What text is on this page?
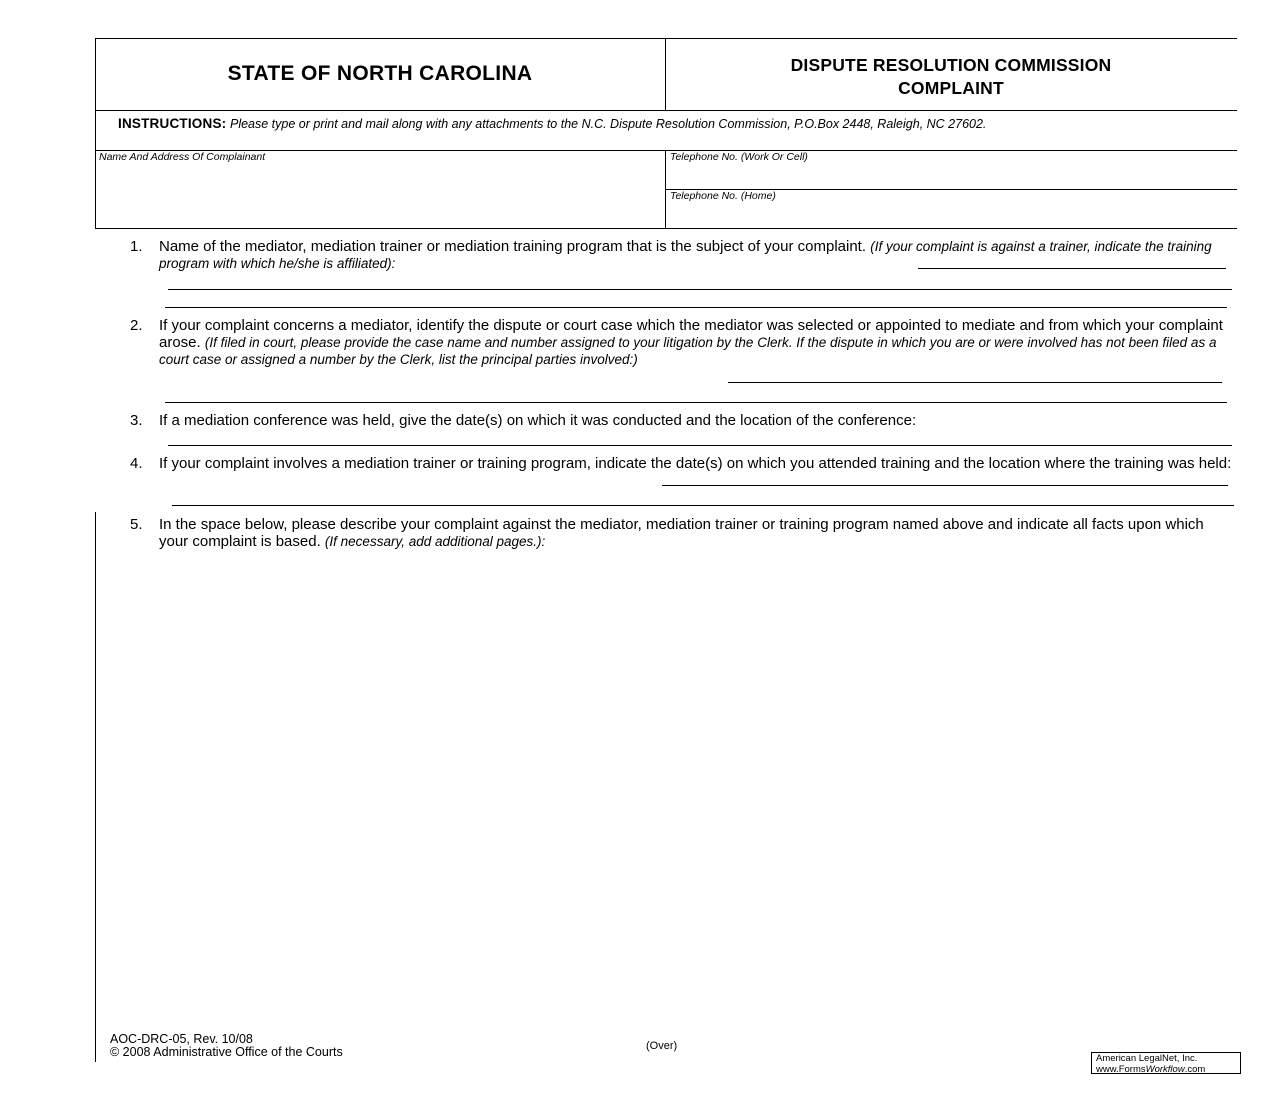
STATE OF NORTH CAROLINA	DISPUTE RESOLUTION COMMISSION
COMPLAINT
INSTRUCTIONS: Please type or print and mail along with any attachments to the N.C. Dispute Resolution Commission, P.O.Box 2448, Raleigh, NC 27602.
Name And Address Of Complainant	Telephone No. (Work Or Cell)
Telephone No. (Home)
1.	Name of the mediator, mediation trainer or mediation training program that is the subject of your complaint. (If your complaint is against a trainer, indicate the training program with which he/she is affiliated):
2.	If your complaint concerns a mediator, identify the dispute or court case which the mediator was selected or appointed to mediate and from which your complaint arose. (If filed in court, please provide the case name and number assigned to your litigation by the Clerk. If the dispute in which you are or were involved has not been filed as a court case or assigned a number by the Clerk, list the principal parties involved:)
3.	If a mediation conference was held, give the date(s) on which it was conducted and the location of the conference:
4.	If your complaint involves a mediation trainer or training program, indicate the date(s) on which you attended training and the location where the training was held:
5.	In the space below, please describe your complaint against the mediator, mediation trainer or training program named above and indicate all facts upon which your complaint is based. (If necessary, add additional pages.):
AOC-DRC-05, Rev. 10/08
© 2008 Administrative Office of the Courts	(Over)
American LegalNet, Inc.
www.FormsWorkflow.com
